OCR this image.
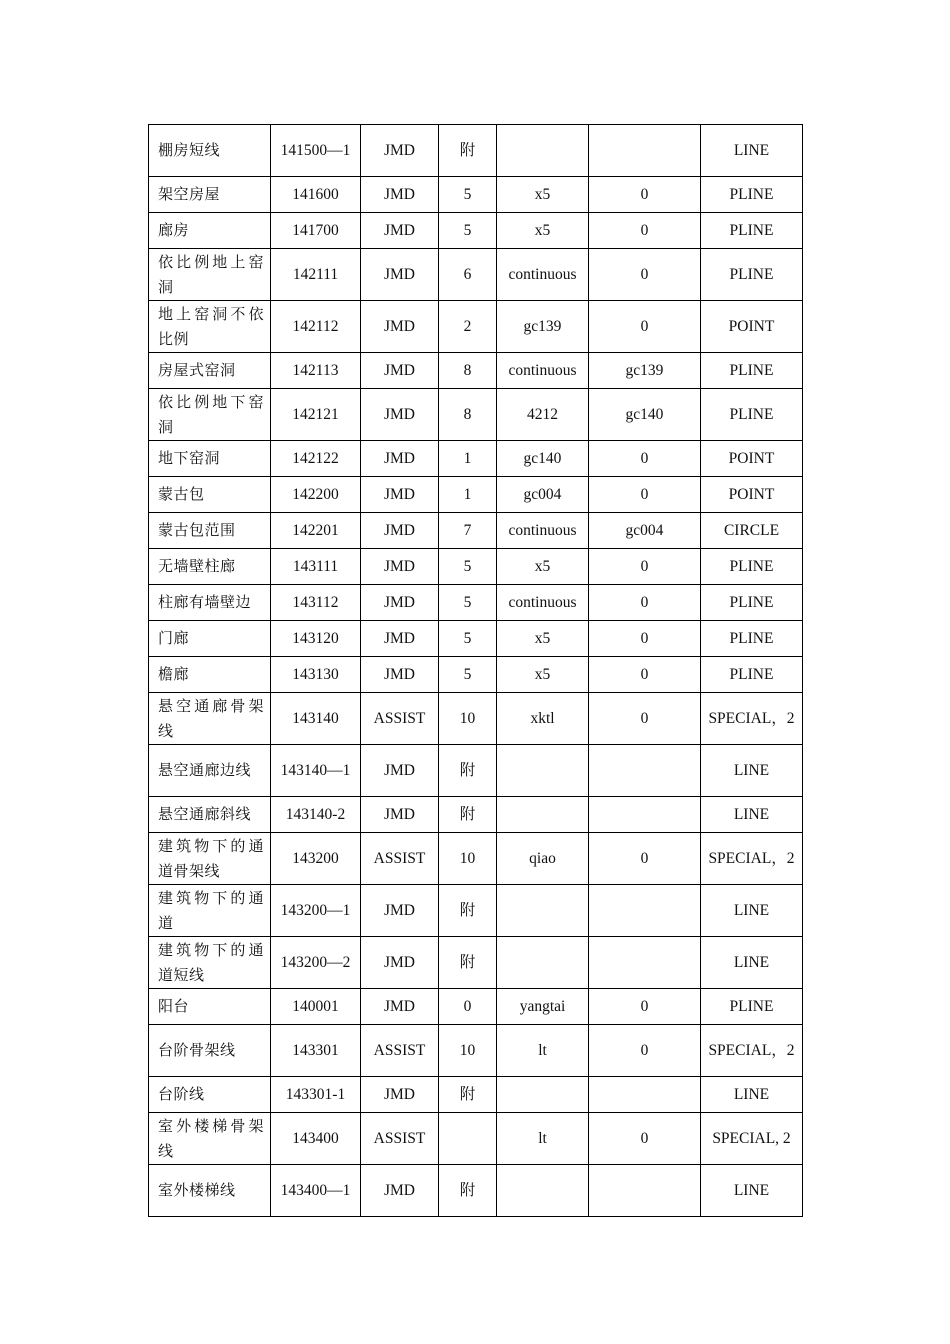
棚房短线	141500—1	JMD	附			LINE
架空房屋	141600	JMD	5	x5	0	PLINE
廊房	141700	JMD	5	x5	0	PLINE
依比例地上窑洞	142111	JMD	6	continuous	0	PLINE
地上窑洞不依比例	142112	JMD	2	gc139	0	POINT
房屋式窑洞	142113	JMD	8	continuous	gc139	PLINE
依比例地下窑洞	142121	JMD	8	4212	gc140	PLINE
地下窑洞	142122	JMD	1	gc140	0	POINT
蒙古包	142200	JMD	1	gc004	0	POINT
蒙古包范围	142201	JMD	7	continuous	gc004	CIRCLE
无墙壁柱廊	143111	JMD	5	x5	0	PLINE
柱廊有墙壁边	143112	JMD	5	continuous	0	PLINE
门廊	143120	JMD	5	x5	0	PLINE
檐廊	143130	JMD	5	x5	0	PLINE
悬空通廊骨架线	143140	ASSIST	10	xktl	0	SPECIAL，2
悬空通廊边线	143140—1	JMD	附			LINE
悬空通廊斜线	143140-2	JMD	附			LINE
建筑物下的通道骨架线	143200	ASSIST	10	qiao	0	SPECIAL，2
建筑物下的通道	143200—1	JMD	附			LINE
建筑物下的通道短线	143200—2	JMD	附			LINE
阳台	140001	JMD	0	yangtai	0	PLINE
台阶骨架线	143301	ASSIST	10	lt	0	SPECIAL，2
台阶线	143301-1	JMD	附			LINE
室外楼梯骨架线	143400	ASSIST		lt	0	SPECIAL, 2
室外楼梯线	143400—1	JMD	附			LINE
